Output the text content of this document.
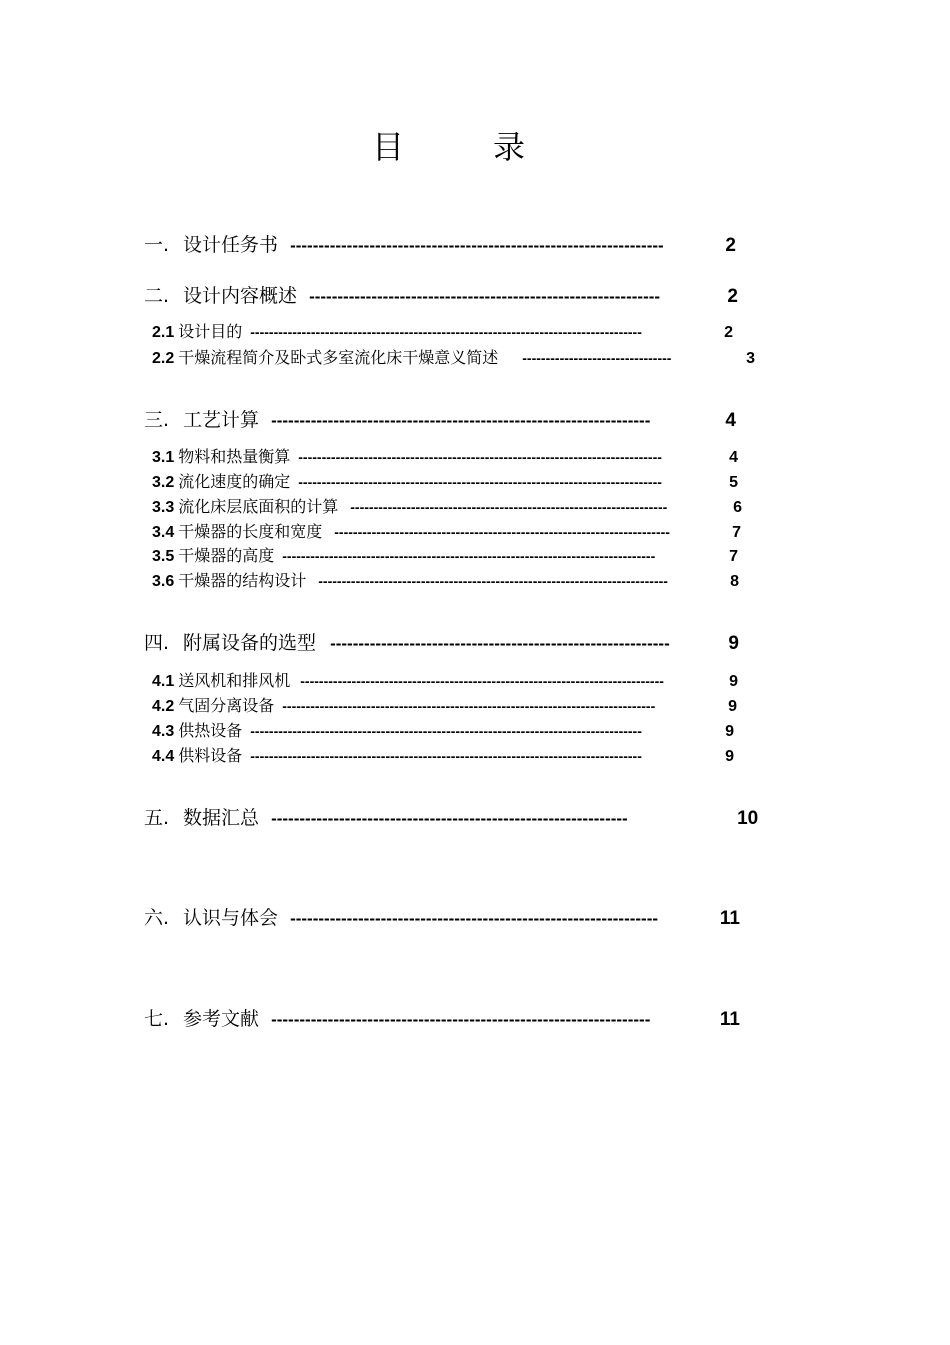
目	录
一. 设计任务书 ------------------------------------------------------------------	2
二. 设计内容概述 --------------------------------------------------------------	2
2.1 设计目的 ------------------------------------------------------------------------------------	2
2.2 干燥流程简介及卧式多室流化床干燥意义简述 --------------------------------	3
三. 工艺计算 -------------------------------------------------------------------	4
3.1 物料和热量衡算 ------------------------------------------------------------------------------	4
3.2 流化速度的确定 ------------------------------------------------------------------------------	5
3.3 流化床层底面积的计算 --------------------------------------------------------------------	6
3.4 干燥器的长度和宽度 ------------------------------------------------------------------------	7
3.5 干燥器的高度 --------------------------------------------------------------------------------	7
3.6 干燥器的结构设计 ---------------------------------------------------------------------------	8
四. 附属设备的选型 ------------------------------------------------------------	9
4.1 送风机和排风机 ------------------------------------------------------------------------------	9
4.2 气固分离设备 --------------------------------------------------------------------------------	9
4.3 供热设备 ------------------------------------------------------------------------------------	9
4.4 供料设备 ------------------------------------------------------------------------------------	9
五. 数据汇总 ---------------------------------------------------------------	10
六. 认识与体会 -----------------------------------------------------------------	11
七. 参考文献 -------------------------------------------------------------------	11
